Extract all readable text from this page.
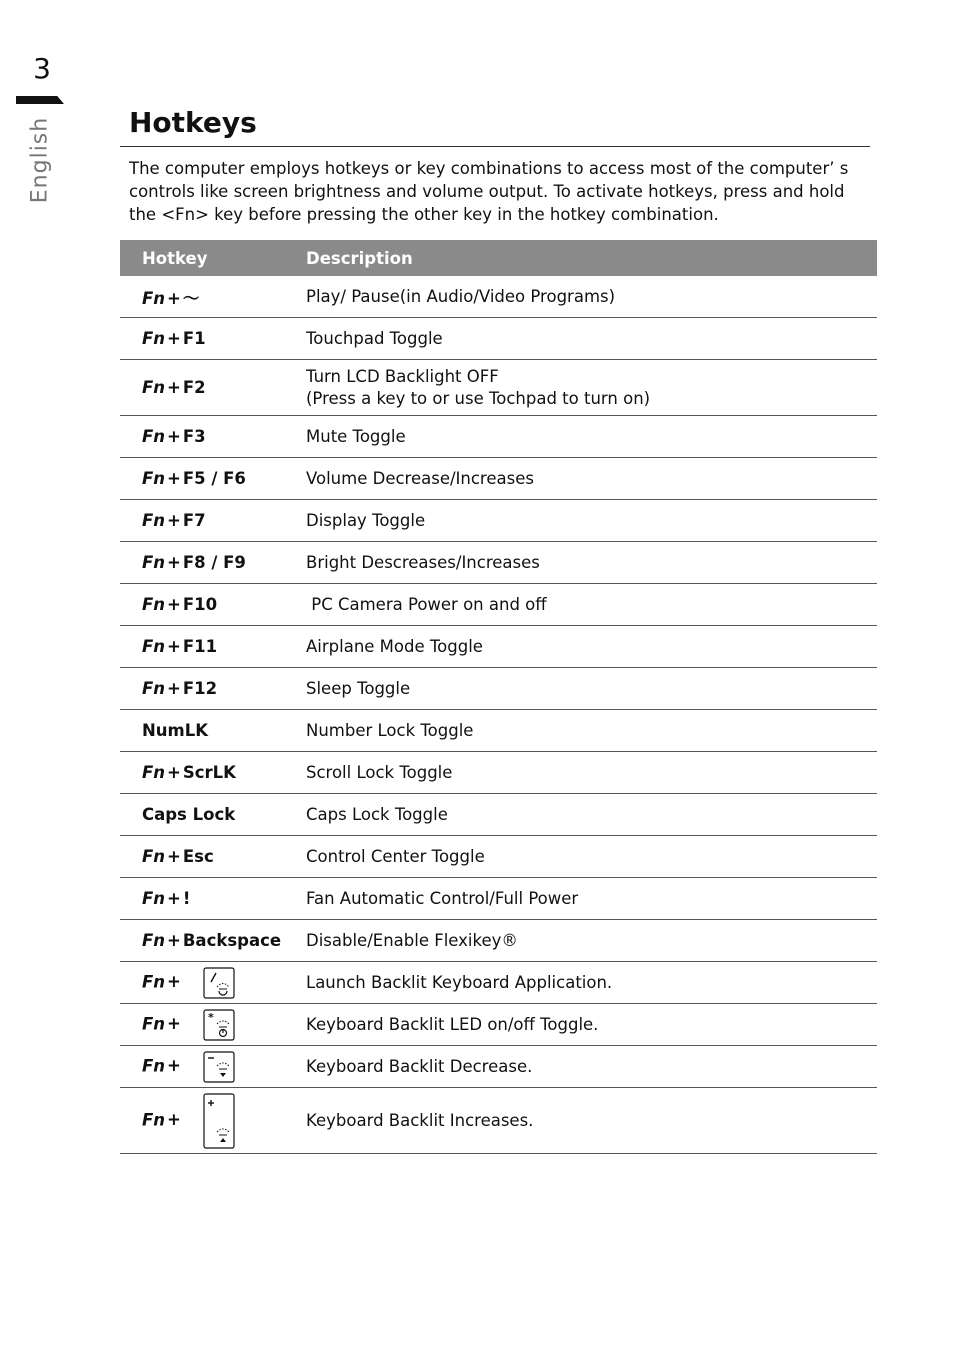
3
English	Hotkeys

The computer employs hotkeys or key combinations to access most of the computer’ s controls like screen brightness and volume output. To activate hotkeys, press and hold the <Fn> key before pressing the other key in the hotkey combination.

Hotkey	Description
Fn + ～	Play/ Pause(in Audio/Video Programs)
Fn + F1	Touchpad Toggle
Fn + F2	Turn LCD Backlight OFF
(Press a key to or use Tochpad to turn on)

Fn + F3	Mute Toggle
Fn + F5 / F6	Volume Decrease/Increases
Fn + F7	Display Toggle
Fn + F8 / F9	Bright Descreases/Increases
Fn + F10	PC Camera Power on and off
Fn + F11	Airplane Mode Toggle
Fn + F12	Sleep Toggle
NumLK	Number Lock Toggle
Fn + ScrLK	Scroll Lock Toggle
Caps Lock	Caps Lock Toggle
Fn + Esc	Control Center Toggle
Fn + !	Fan Automatic Control/Full Power
Fn + Backspace	Disable/Enable Flexikey®
Fn +	Launch Backlit Keyboard Application.
Fn + *	Keyboard Backlit LED on/off Toggle.
Fn +	Keyboard Backlit Decrease.
Fn +	Keyboard Backlit Increases.
